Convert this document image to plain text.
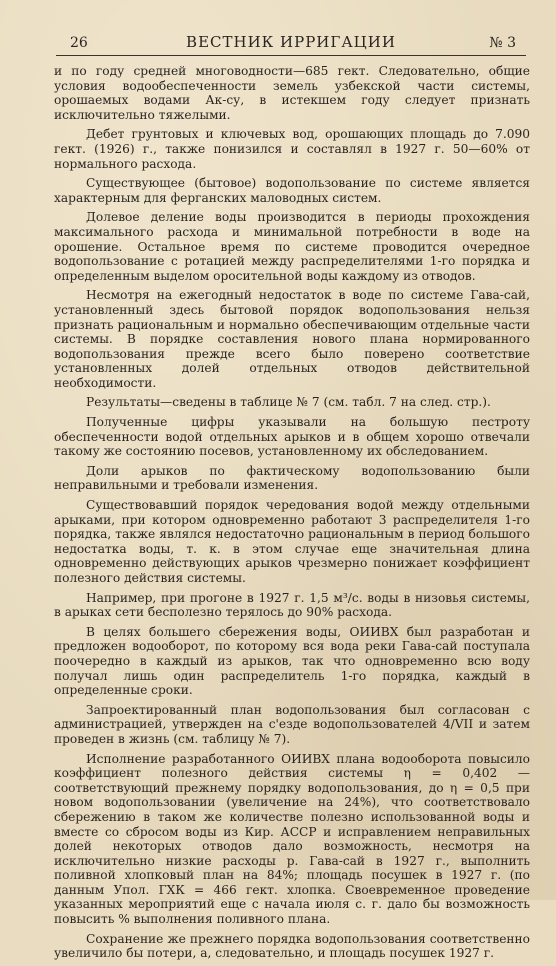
26	ВЕСТНИК ИРРИГАЦИИ	№ 3

и по году средней многоводности—685 гект. Следовательно, общие условия водообеспеченности земель узбекской части системы, орошаемых водами Ак-су, в истекшем году следует признать исключительно тяжелыми.

Дебет грунтовых и ключевых вод, орошающих площадь до 7.090 гект. (1926) г., также понизился и составлял в 1927 г. 50—60% от нормального расхода.

Существующее (бытовое) водопользование по системе является характерным для ферганских маловодных систем.

Долевое деление воды производится в периоды прохождения максимального расхода и минимальной потребности в воде на орошение. Остальное время по системе проводится очередное водопользование с ротацией между распределителями 1-го порядка и определенным выделом оросительной воды каждому из отводов.

Несмотря на ежегодный недостаток в воде по системе Гава-сай, установленный здесь бытовой порядок водопользования нельзя признать рациональным и нормально обеспечивающим отдельные части системы. В порядке составления нового плана нормированного водопользования прежде всего было поверено соответствие установленных долей отдельных отводов действительной необходимости.

Результаты—сведены в таблице № 7 (см. табл. 7 на след. стр.).

Полученные цифры указывали на большую пестроту обеспеченности водой отдельных арыков и в общем хорошо отвечали такому же состоянию посевов, установленному их обследованием.

Доли арыков по фактическому водопользованию были неправильными и требовали изменения.

Существовавший порядок чередования водой между отдельными арыками, при котором одновременно работают 3 распределителя 1-го порядка, также являлся недостаточно рациональным в период большого недостатка воды, т. к. в этом случае еще значительная длина одновременно действующих арыков чрезмерно понижает коэффициент полезного действия системы.

Например, при прогоне в 1927 г. 1,5 м³/с. воды в низовья системы, в арыках сети бесполезно терялось до 90% расхода.

В целях большего сбережения воды, ОИИВХ был разработан и предложен водооборот, по которому вся вода реки Гава-сай поступала поочередно в каждый из арыков, так что одновременно всю воду получал лишь один распределитель 1-го порядка, каждый в определенные сроки.

Запроектированный план водопользования был согласован с администрацией, утвержден на с'езде водопользователей 4/VII и затем проведен в жизнь (см. таблицу № 7).

Исполнение разработанного ОИИВХ плана водооборота повысило коэффициент полезного действия системы η = 0,402 — соответствующий прежнему порядку водопользования, до η = 0,5 при новом водопользовании (увеличение на 24%), что соответствовало сбережению в таком же количестве полезно использованной воды и вместе со сбросом воды из Кир. АССР и исправлением неправильных долей некоторых отводов дало возможность, несмотря на исключительно низкие расходы р. Гава-сай в 1927 г., выполнить поливной хлопковый план на 84%; площадь посушек в 1927 г. (по данным Упол. ГХК = 466 гект. хлопка. Своевременное проведение указанных мероприятий еще с начала июля с. г. дало бы возможность повысить % выполнения поливного плана.

Сохранение же прежнего порядка водопользования соответственно увеличило бы потери, а, следовательно, и площадь посушек 1927 г.
